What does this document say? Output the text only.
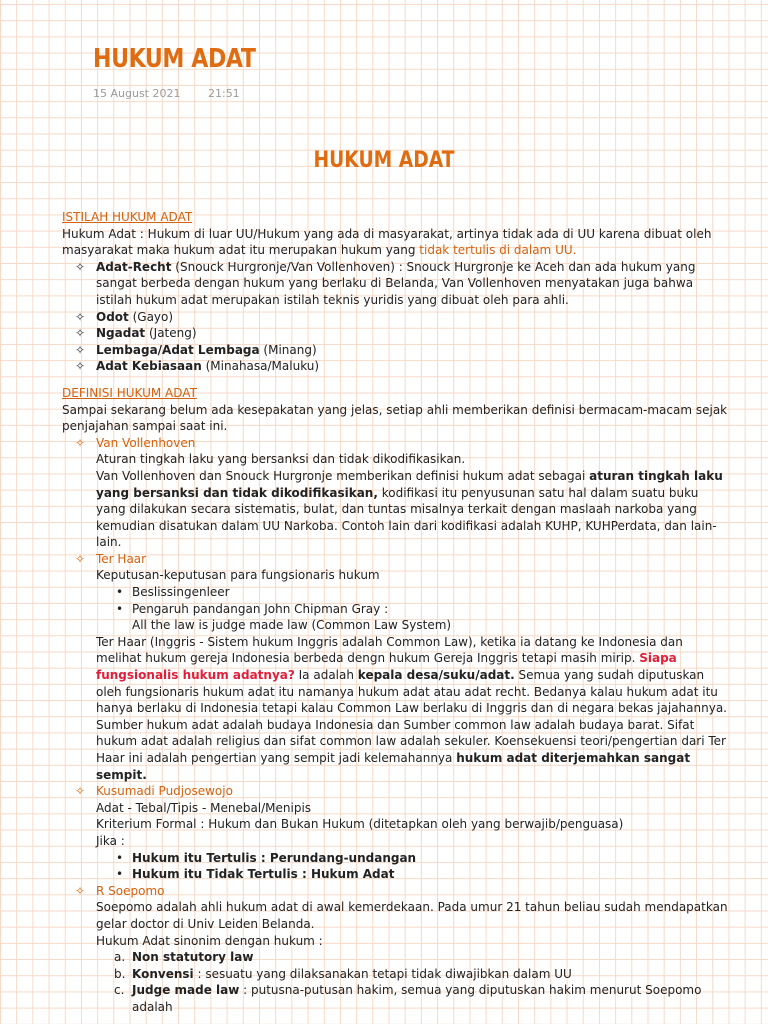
HUKUM ADAT
15 August 2021	21:51
HUKUM ADAT
ISTILAH HUKUM ADAT
Hukum Adat : Hukum di luar UU/Hukum yang ada di masyarakat, artinya tidak ada di UU karena dibuat oleh masyarakat maka hukum adat itu merupakan hukum yang tidak tertulis di dalam UU.
✧ Adat-Recht (Snouck Hurgronje/Van Vollenhoven) : Snouck Hurgronje ke Aceh dan ada hukum yang sangat berbeda dengan hukum yang berlaku di Belanda, Van Vollenhoven menyatakan juga bahwa istilah hukum adat merupakan istilah teknis yuridis yang dibuat oleh para ahli.
✧ Odot (Gayo)
✧ Ngadat (Jateng)
✧ Lembaga/Adat Lembaga (Minang)
✧ Adat Kebiasaan (Minahasa/Maluku)
DEFINISI HUKUM ADAT
Sampai sekarang belum ada kesepakatan yang jelas, setiap ahli memberikan definisi bermacam-macam sejak penjajahan sampai saat ini.
✧ Van Vollenhoven
Aturan tingkah laku yang bersanksi dan tidak dikodifikasikan.
Van Vollenhoven dan Snouck Hurgronje memberikan definisi hukum adat sebagai aturan tingkah laku yang bersanksi dan tidak dikodifikasikan, kodifikasi itu penyusunan satu hal dalam suatu buku yang dilakukan secara sistematis, bulat, dan tuntas misalnya terkait dengan maslaah narkoba yang kemudian disatukan dalam UU Narkoba. Contoh lain dari kodifikasi adalah KUHP, KUHPerdata, dan lain-lain.
✧ Ter Haar
Keputusan-keputusan para fungsionaris hukum
• Beslissingenleer
• Pengaruh pandangan John Chipman Gray :
All the law is judge made law (Common Law System)
Ter Haar (Inggris - Sistem hukum Inggris adalah Common Law), ketika ia datang ke Indonesia dan melihat hukum gereja Indonesia berbeda dengn hukum Gereja Inggris tetapi masih mirip. Siapa fungsionalis hukum adatnya? Ia adalah kepala desa/suku/adat. Semua yang sudah diputuskan oleh fungsionaris hukum adat itu namanya hukum adat atau adat recht. Bedanya kalau hukum adat itu hanya berlaku di Indonesia tetapi kalau Common Law berlaku di Inggris dan di negara bekas jajahannya. Sumber hukum adat adalah budaya Indonesia dan Sumber common law adalah budaya barat. Sifat hukum adat adalah religius dan sifat common law adalah sekuler. Koensekuensi teori/pengertian dari Ter Haar ini adalah pengertian yang sempit jadi kelemahannya hukum adat diterjemahkan sangat sempit.
✧ Kusumadi Pudjosewojo
Adat - Tebal/Tipis - Menebal/Menipis
Kriterium Formal : Hukum dan Bukan Hukum (ditetapkan oleh yang berwajib/penguasa)
Jika :
• Hukum itu Tertulis : Perundang-undangan
• Hukum itu Tidak Tertulis : Hukum Adat
✧ R Soepomo
Soepomo adalah ahli hukum adat di awal kemerdekaan. Pada umur 21 tahun beliau sudah mendapatkan gelar doctor di Univ Leiden Belanda.
Hukum Adat sinonim dengan hukum :
a. Non statutory law
b. Konvensi : sesuatu yang dilaksanakan tetapi tidak diwajibkan dalam UU
c. Judge made law : putusna-putusan hakim, semua yang diputuskan hakim menurut Soepomo adalah
